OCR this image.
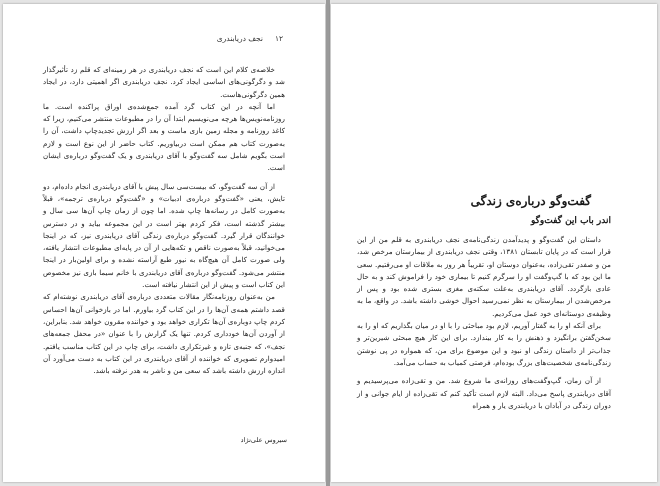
۱۲
نجف دریابندری

خلاصه‌ی کلام این است که نجف دریابندری در هر زمینه‌ای که قلم زد تأثیرگذار شد و دگرگونی‌های اساسی ایجاد کرد. نجف دریابندری اگر اهمیتی دارد، در ایجاد همین دگرگونی‌هاست.

اما آنچه در این کتاب گرد آمده جمع‌شده‌ی اوراق پراکنده است. ما روزنامه‌نویس‌ها هرچه می‌نویسیم ابتدا آن را در مطبوعات منتشر می‌کنیم، زیرا که کاغذ روزنامه و مجله زمین بازی ماست و بعد اگر ارزش تجدیدچاپ داشت، آن را به‌صورت کتاب هم ممکن است دربیاوریم. کتاب حاضر از این نوع است و لازم است بگویم شامل سه گفت‌وگو با آقای دریابندری و یک گفت‌وگو درباره‌ی ایشان است.

از آن سه گفت‌وگو، که بیست‌سی سال پیش با آقای دریابندری انجام داده‌ام، دو تایش، یعنی «گفت‌وگو درباره‌ی ادبیات» و «گفت‌وگو درباره‌ی ترجمه»، قبلاً به‌صورت کامل در رسانه‌ها چاپ شده. اما چون از زمان چاپ آن‌ها سی سال و بیشتر گذشته است، فکر کردم بهتر است در این مجموعه بیاید و در دسترس خوانندگان قرار گیرد. گفت‌وگو درباره‌ی زندگی آقای دریابندری نیز، که در اینجا می‌خوانید، قبلاً به‌صورت ناقص و تکه‌هایی از آن در پایه‌ای مطبوعات انتشار یافته، ولی صورت کامل آن هیچ‌گاه به نیور طبع آراسته نشده و برای اولین‌بار در اینجا منتشر می‌شود. گفت‌وگو درباره‌ی آقای دریابندری با خانم سیما بازی نیز مخصوص این کتاب است و پیش از این انتشار نیافته است.

من به‌عنوان روزنامه‌نگار مقالات متعددی درباره‌ی آقای دریابندری نوشته‌ام که قصد داشتم همه‌ی آن‌ها را در این کتاب گرد بیاورم. اما در بازخوانی آن‌ها احساس کردم چاپ دوباره‌ی آن‌ها تکراری خواهد بود و خواننده مقرون خواهد شد. بنابراین، از آوردن آن‌ها خودداری کردم. تنها یک گزارش را با عنوان «در محفل جمعه‌های نجف»، که جنبه‌ی تازه و غیرتکراری داشت، برای چاپ در این کتاب مناسب یافتم. امیدوارم تصویری که خواننده از آقای دریابندری در این کتاب به دست می‌آورد آن اندازه ارزش داشته باشد که سعی من و ناشر به هدر نرفته باشد.

سیروس علی‌نژاد
گفت‌وگو درباره‌ی زندگی
اندر باب این گفت‌وگو

داستان این گفت‌وگو و پدیدآمدن زندگی‌نامه‌ی نجف دریابندری به قلم من از این قرار است که در پایان تابستان ۱۳۸۱، وقتی نجف دریابندری از بیمارستان مرخص شد، من و صفدر تقی‌زاده، به‌عنوان دوستان او، تقریباً هر روز به ملاقات او می‌رفتیم. سعی ما این بود که با گپ‌وگفت او را سرگرم کنیم تا بیماری خود را فراموش کند و به حال عادی بازگردد. آقای دریابندری به‌علت سکته‌ی مغزی بستری شده بود و پس از مرخص‌شدن از بیمارستان به نظر نمی‌رسید احوال خوشی داشته باشد. در واقع، ما به وظیفه‌ی دوستانه‌ای خود عمل می‌کردیم.

برای آنکه او را به گفتار آوریم، لازم بود مباحثی را با او در میان بگذاریم که او را به سخن‌گفتن برانگیزد و ذهنش را به کار بیندازد. برای این کار هیچ مبحثی شیرین‌تر و جذاب‌تر از داستان زندگی او نبود و این موضوع برای من، که همواره در پی نوشتن زندگی‌نامه‌ی شخصیت‌های بزرگ بوده‌ام، فرصتی کمیاب به حساب می‌آمد.

از آن زمان، گپ‌وگفت‌های روزانه‌ی ما شروع شد. من و تقی‌زاده می‌پرسیدیم و آقای دریابندری پاسخ می‌داد. البته لازم است تأکید کنم که تقی‌زاده از ایام جوانی و از دوران زندگی در آبادان با دریابندری یار و همراه
